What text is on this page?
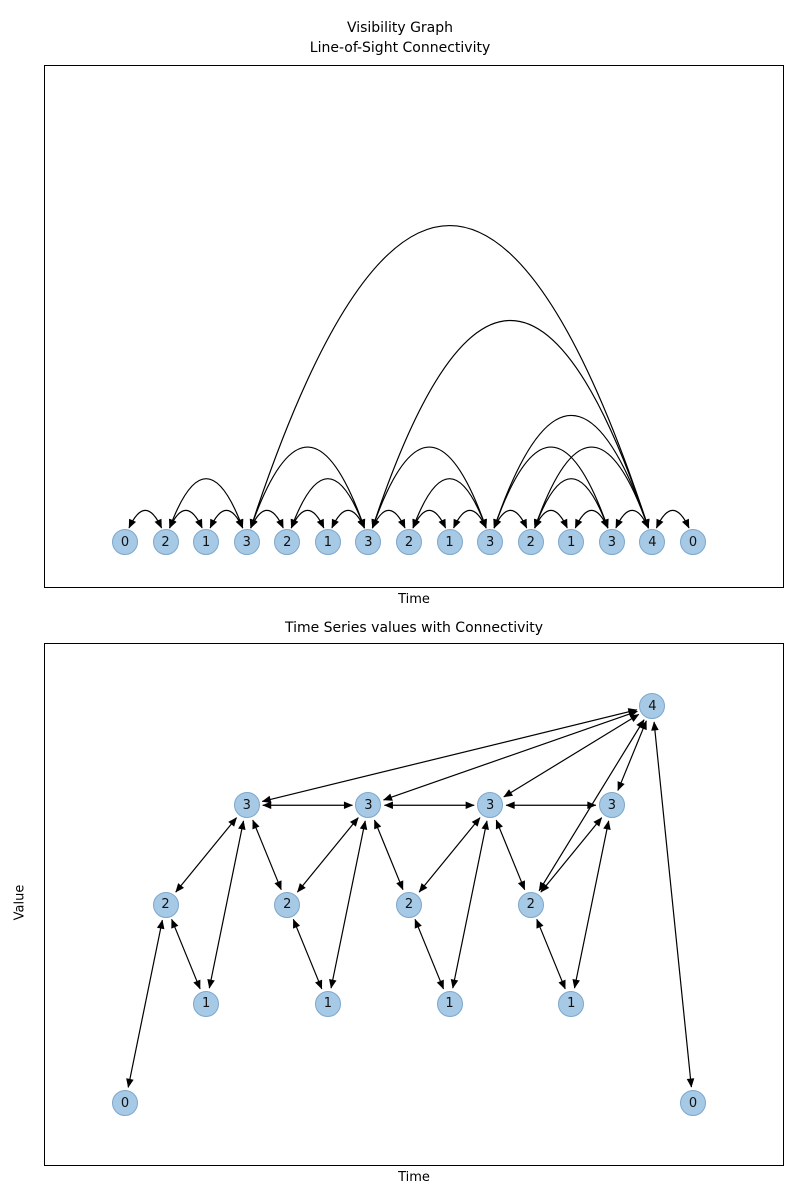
Visibility Graph
Line-of-Sight Connectivity
Time
Time Series values with Connectivity
Time
Value
0	2	1	3	2	1	3	2	1	3	2	1	3	4	0
0
2
1
3
2
1
3
2
1
3
2
1
3
4
0
